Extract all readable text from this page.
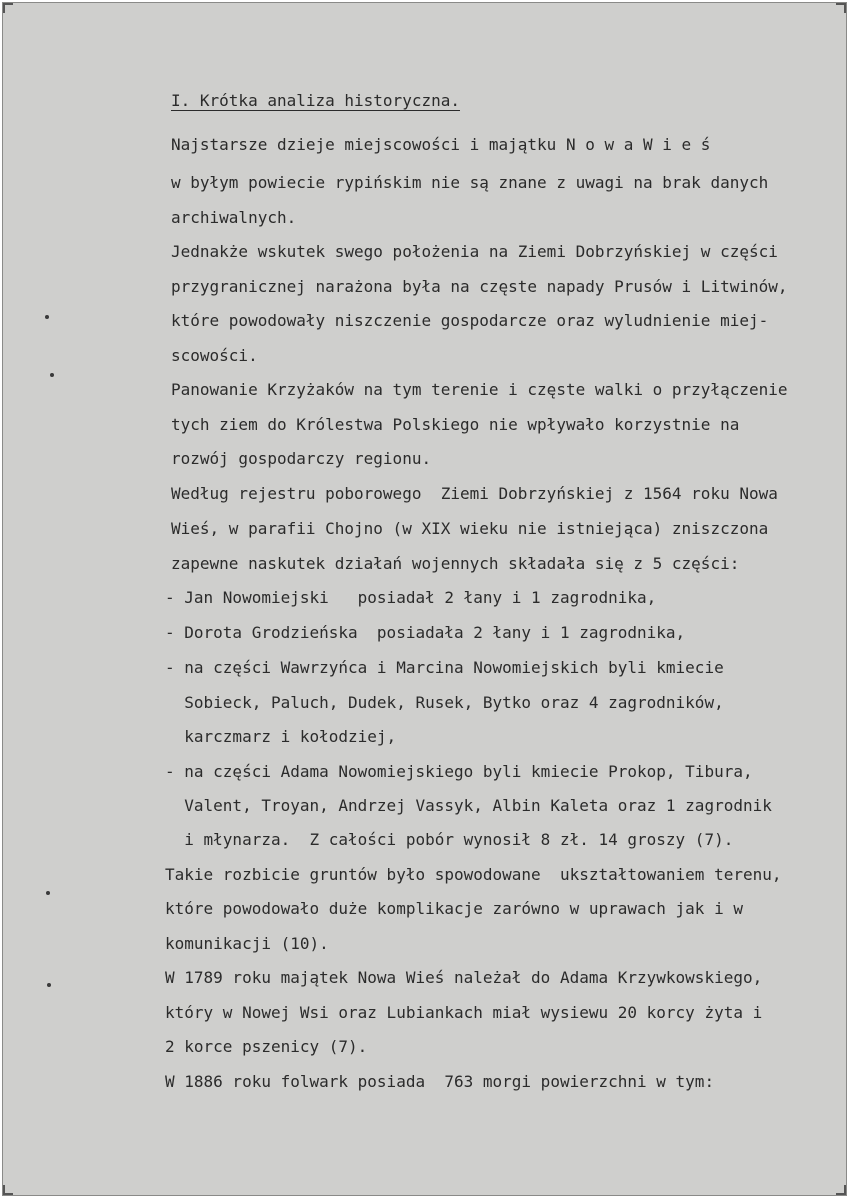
I. Krótka analiza historyczna.
Najstarsze dzieje miejscowości i majątku N o w a W i e ś
w byłym powiecie rypińskim nie są znane z uwagi na brak danych
archiwalnych.
Jednakże wskutek swego położenia na Ziemi Dobrzyńskiej w części
przygranicznej narażona była na częste napady Prusów i Litwinów,
które powodowały niszczenie gospodarcze oraz wyludnienie miej-
scowości.
Panowanie Krzyżaków na tym terenie i częste walki o przyłączenie
tych ziem do Królestwa Polskiego nie wpływało korzystnie na
rozwój gospodarczy regionu.
Według rejestru poborowego  Ziemi Dobrzyńskiej z 1564 roku Nowa
Wieś, w parafii Chojno (w XIX wieku nie istniejąca) zniszczona
zapewne naskutek działań wojennych składała się z 5 części:
- Jan Nowomiejski   posiadał 2 łany i 1 zagrodnika,
- Dorota Grodzieńska  posiadała 2 łany i 1 zagrodnika,
- na części Wawrzyńca i Marcina Nowomiejskich byli kmiecie
Sobieck, Paluch, Dudek, Rusek, Bytko oraz 4 zagrodników,
karczmarz i kołodziej,
- na części Adama Nowomiejskiego byli kmiecie Prokop, Tibura,
Valent, Troyan, Andrzej Vassyk, Albin Kaleta oraz 1 zagrodnik
i młynarza.  Z całości pobór wynosił 8 zł. 14 groszy (7).
Takie rozbicie gruntów było spowodowane  ukształtowaniem terenu,
które powodowało duże komplikacje zarówno w uprawach jak i w
komunikacji (10).
W 1789 roku majątek Nowa Wieś należał do Adama Krzywkowskiego,
który w Nowej Wsi oraz Lubiankach miał wysiewu 20 korcy żyta i
2 korce pszenicy (7).
W 1886 roku folwark posiada  763 morgi powierzchni w tym:
